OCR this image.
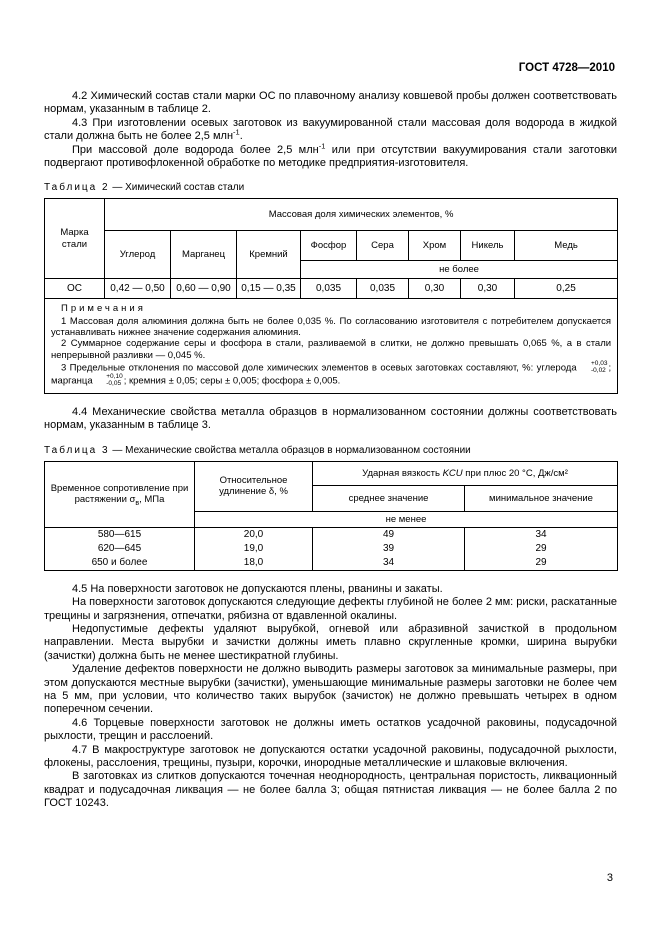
ГОСТ 4728—2010

4.2 Химический состав стали марки ОС по плавочному анализу ковшевой пробы должен соответствовать нормам, указанным в таблице 2.

4.3 При изготовлении осевых заготовок из вакуумированной стали массовая доля водорода в жидкой стали должна быть не более 2,5 млн$^{-1}$.

При массовой доле водорода более 2,5 млн$^{-1}$ или при отсутствии вакуумирования стали заготовки подвергают противофлокенной обработке по методике предприятия-изготовителя.

Таблица 2 — Химический состав стали
Марка стали	Массовая доля химических элементов, %							
	Углерод	Марганец	Кремний	Фосфор	Сера	Хром	Никель	Медь
				не более				
ОС	0,42 — 0,50	0,60 — 0,90	0,15 — 0,35	0,035	0,035	0,30	0,30	0,25

Примечания

1 Массовая доля алюминия должна быть не более 0,035 %. По согласованию изготовителя с потребителем допускается устанавливать нижнее значение содержания алюминия.

2 Суммарное содержание серы и фосфора в стали, разливаемой в слитки, не должно превышать 0,065 %, а в стали непрерывной разливки — 0,045 %.

3 Предельные отклонения по массовой доле химических элементов в осевых заготовках составляют, %: углерода	+0,03
-0,02 ; марганца	+0,10
-0,05 ; кремния ± 0,05; серы ± 0,005; фосфора ± 0,005.

4.4 Механические свойства металла образцов в нормализованном состоянии должны соответствовать нормам, указанным в таблице 3.

Таблица 3 — Механические свойства металла образцов в нормализованном состоянии
Временное сопротивление при растяжении $\sigma_в$, МПа	Относительное удлинение δ, %	Ударная вязкость KCU при плюс 20 °С, Дж/см²	
		среднее значение	минимальное значение
	не менее		
580—615	20,0	49	34
620—645	19,0	39	29
650 и более	18,0	34	29

4.5 На поверхности заготовок не допускаются плены, рванины и закаты.

На поверхности заготовок допускаются следующие дефекты глубиной не более 2 мм: риски, раскатанные трещины и загрязнения, отпечатки, рябизна от вдавленной окалины.

Недопустимые дефекты удаляют вырубкой, огневой или абразивной зачисткой в продольном направлении. Места вырубки и зачистки должны иметь плавно скругленные кромки, ширина вырубки (зачистки) должна быть не менее шестикратной глубины.

Удаление дефектов поверхности не должно выводить размеры заготовок за минимальные размеры, при этом допускаются местные вырубки (зачистки), уменьшающие минимальные размеры заготовки не более чем на 5 мм, при условии, что количество таких вырубок (зачисток) не должно превышать четырех в одном поперечном сечении.

4.6 Торцевые поверхности заготовок не должны иметь остатков усадочной раковины, подусадочной рыхлости, трещин и расслоений.

4.7 В макроструктуре заготовок не допускаются остатки усадочной раковины, подусадочной рыхлости, флокены, расслоения, трещины, пузыри, корочки, инородные металлические и шлаковые включения.

В заготовках из слитков допускаются точечная неоднородность, центральная пористость, ликвационный квадрат и подусадочная ликвация — не более балла 3; общая пятнистая ликвация — не более балла 2 по ГОСТ 10243.

3
